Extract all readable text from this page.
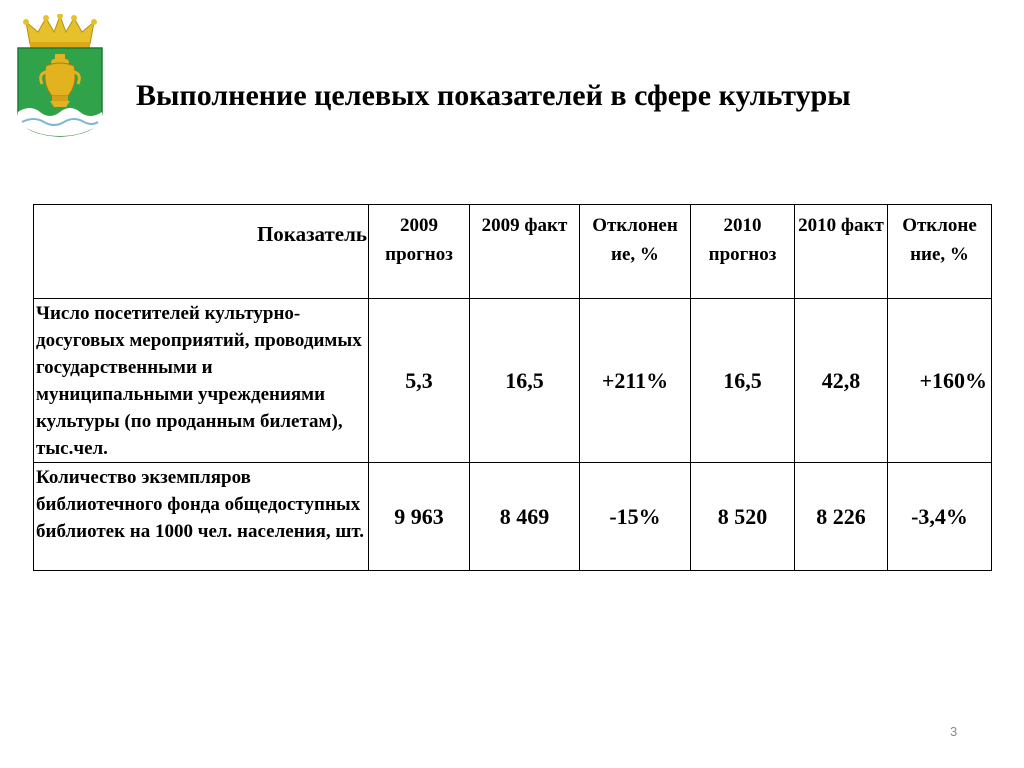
Выполнение целевых показателей в сфере культуры
Показатель	2009 прогноз	2009 факт	Отклонен ие, %	2010 прогноз	2010 факт	Отклоне ние, %
Число посетителей культурно-досуговых мероприятий, проводимых государственными и муниципальными учреждениями культуры (по проданным билетам), тыс.чел.	5,3	16,5	+211%	16,5	42,8	+160%
Количество экземпляров библиотечного фонда общедоступных библиотек на 1000 чел. населения, шт.	9 963	8 469	-15%	8 520	8 226	-3,4%
3
